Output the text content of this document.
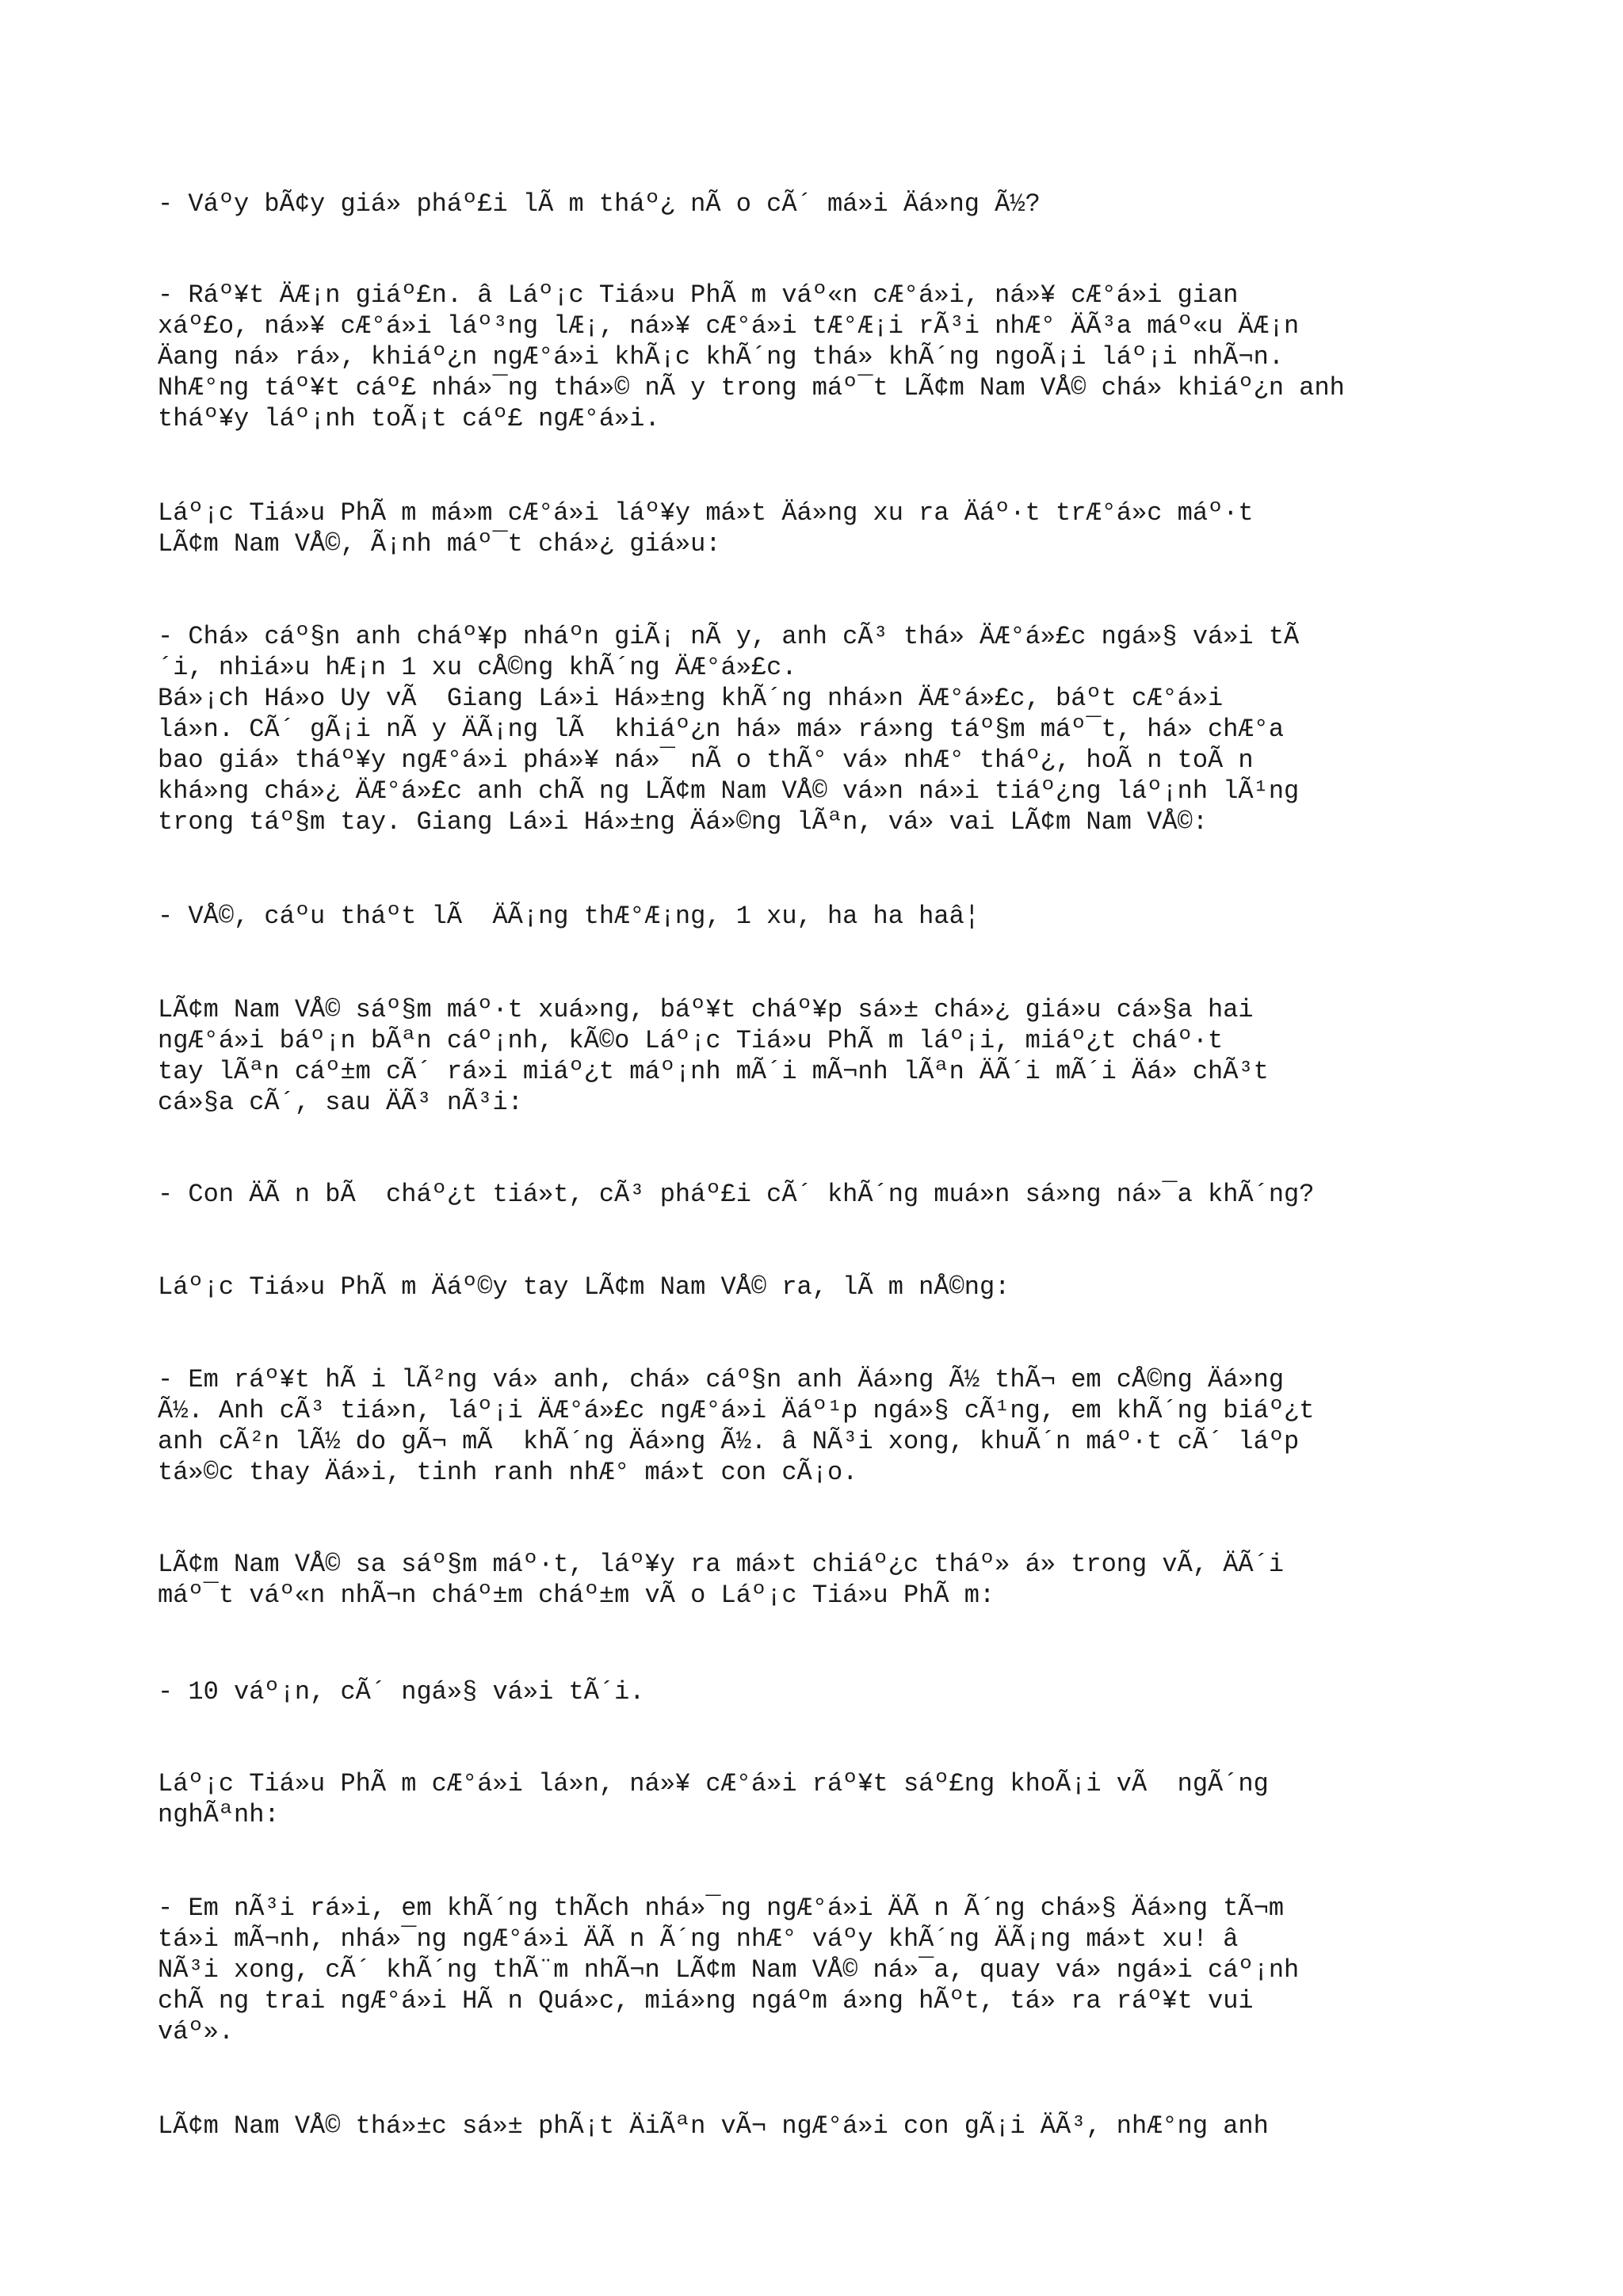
- Váºy bÃ¢y giá» pháº£i lÃ m tháº¿ nÃ o cÃ´ má»i Äá»ng Ã½?

- Ráº¥t ÄÆ¡n giáº£n. â Láº¡c Tiá»u PhÃ m váº«n cÆ°á»i, ná»¥ cÆ°á»i gian
xáº£o, ná»¥ cÆ°á»i láº³ng lÆ¡, ná»¥ cÆ°á»i tÆ°Æ¡i rÃ³i nhÆ° ÄÃ³a máº«u ÄÆ¡n
Äang ná» rá», khiáº¿n ngÆ°á»i khÃ¡c khÃ´ng thá» khÃ´ng ngoÃ¡i láº¡i nhÃ¬n.
NhÆ°ng táº¥t cáº£ nhá»¯ng thá»© nÃ y trong máº¯t LÃ¢m Nam VÅ© chá» khiáº¿n anh
tháº¥y láº¡nh toÃ¡t cáº£ ngÆ°á»i.

Láº¡c Tiá»u PhÃ m má»m cÆ°á»i láº¥y má»t Äá»ng xu ra Äáº·t trÆ°á»c máº·t
LÃ¢m Nam VÅ©, Ã¡nh máº¯t chá»¿ giá»u:

- Chá» cáº§n anh cháº¥p nháºn giÃ¡ nÃ y, anh cÃ³ thá» ÄÆ°á»£c ngá»§ vá»i tÃ
´i, nhiá»u hÆ¡n 1 xu cÅ©ng khÃ´ng ÄÆ°á»£c.
Bá»¡ch Há»o Uy vÃ  Giang Lá»i Há»±ng khÃ´ng nhá»n ÄÆ°á»£c, báºt cÆ°á»i
lá»n. CÃ´ gÃ¡i nÃ y ÄÃ¡ng lÃ  khiáº¿n há» má» rá»ng táº§m máº¯t, há» chÆ°a
bao giá» tháº¥y ngÆ°á»i phá»¥ ná»¯ nÃ o thÃ° vá» nhÆ° tháº¿, hoÃ n toÃ n
khá»ng chá»¿ ÄÆ°á»£c anh chÃ ng LÃ¢m Nam VÅ© vá»n ná»i tiáº¿ng láº¡nh lÃ¹ng
trong táº§m tay. Giang Lá»i Há»±ng Äá»©ng lÃªn, vá» vai LÃ¢m Nam VÅ©:

- VÅ©, cáºu tháºt lÃ  ÄÃ¡ng thÆ°Æ¡ng, 1 xu, ha ha haâ¦

LÃ¢m Nam VÅ© sáº§m máº·t xuá»ng, báº¥t cháº¥p sá»± chá»¿ giá»u cá»§a hai
ngÆ°á»i báº¡n bÃªn cáº¡nh, kÃ©o Láº¡c Tiá»u PhÃ m láº¡i, miáº¿t cháº·t
tay lÃªn cáº±m cÃ´ rá»i miáº¿t máº¡nh mÃ´i mÃ¬nh lÃªn ÄÃ´i mÃ´i Äá» chÃ³t
cá»§a cÃ´, sau ÄÃ³ nÃ³i:

- Con ÄÃ n bÃ  cháº¿t tiá»t, cÃ³ pháº£i cÃ´ khÃ´ng muá»n sá»ng ná»¯a khÃ´ng?

Láº¡c Tiá»u PhÃ m Äáº©y tay LÃ¢m Nam VÅ© ra, lÃ m nÅ©ng:

- Em ráº¥t hÃ i lÃ²ng vá» anh, chá» cáº§n anh Äá»ng Ã½ thÃ¬ em cÅ©ng Äá»ng
Ã½. Anh cÃ³ tiá»n, láº¡i ÄÆ°á»£c ngÆ°á»i Äáº¹p ngá»§ cÃ¹ng, em khÃ´ng biáº¿t
anh cÃ²n lÃ½ do gÃ¬ mÃ  khÃ´ng Äá»ng Ã½. â NÃ³i xong, khuÃ´n máº·t cÃ´ láºp
tá»©c thay Äá»i, tinh ranh nhÆ° má»t con cÃ¡o.

LÃ¢m Nam VÅ© sa sáº§m máº·t, láº¥y ra má»t chiáº¿c tháº» á» trong vÃ, ÄÃ´i
máº¯t váº«n nhÃ¬n cháº±m cháº±m vÃ o Láº¡c Tiá»u PhÃ m:

- 10 váº¡n, cÃ´ ngá»§ vá»i tÃ´i.

Láº¡c Tiá»u PhÃ m cÆ°á»i lá»n, ná»¥ cÆ°á»i ráº¥t sáº£ng khoÃ¡i vÃ  ngÃ´ng
nghÃªnh:

- Em nÃ³i rá»i, em khÃ´ng thÃch nhá»¯ng ngÆ°á»i ÄÃ n Ã´ng chá»§ Äá»ng tÃ¬m
tá»i mÃ¬nh, nhá»¯ng ngÆ°á»i ÄÃ n Ã´ng nhÆ° váºy khÃ´ng ÄÃ¡ng má»t xu! â
NÃ³i xong, cÃ´ khÃ´ng thÃ¨m nhÃ¬n LÃ¢m Nam VÅ© ná»¯a, quay vá» ngá»i cáº¡nh
chÃ ng trai ngÆ°á»i HÃ n Quá»c, miá»ng ngáºm á»ng hÃºt, tá» ra ráº¥t vui
váº».

LÃ¢m Nam VÅ© thá»±c sá»± phÃ¡t ÄiÃªn vÃ¬ ngÆ°á»i con gÃ¡i ÄÃ³, nhÆ°ng anh
